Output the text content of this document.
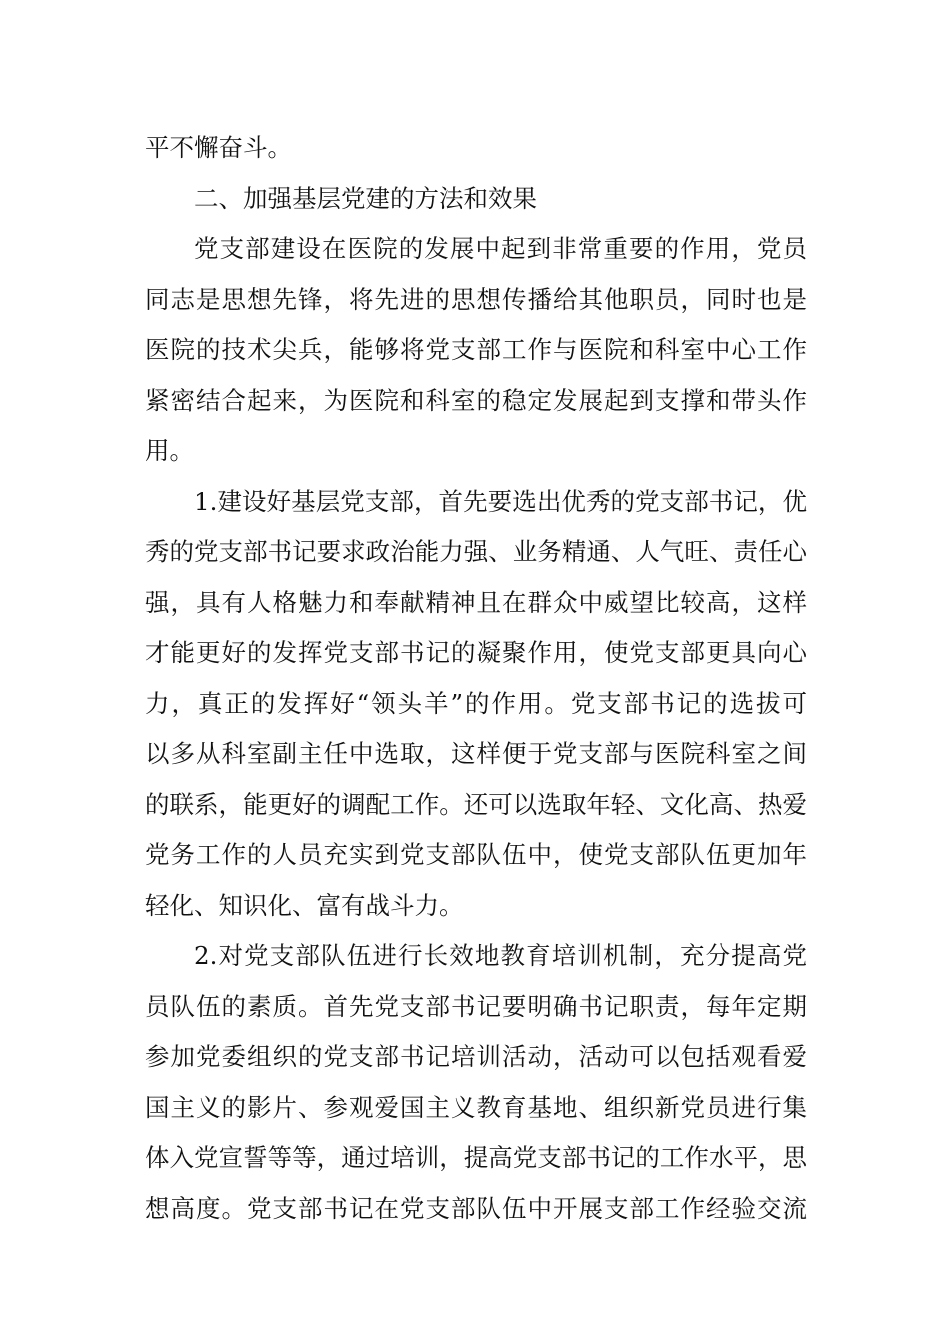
平不懈奋斗。
二、加强基层党建的方法和效果
党支部建设在医院的发展中起到非常重要的作用，党员
同志是思想先锋，将先进的思想传播给其他职员，同时也是
医院的技术尖兵，能够将党支部工作与医院和科室中心工作
紧密结合起来，为医院和科室的稳定发展起到支撑和带头作
用。
1.建设好基层党支部，首先要选出优秀的党支部书记，优
秀的党支部书记要求政治能力强、业务精通、人气旺、责任心
强，具有人格魅力和奉献精神且在群众中威望比较高，这样
才能更好的发挥党支部书记的凝聚作用，使党支部更具向心
力，真正的发挥好“领头羊”的作用。党支部书记的选拔可
以多从科室副主任中选取，这样便于党支部与医院科室之间
的联系，能更好的调配工作。还可以选取年轻、文化高、热爱
党务工作的人员充实到党支部队伍中，使党支部队伍更加年
轻化、知识化、富有战斗力。
2.对党支部队伍进行长效地教育培训机制，充分提高党
员队伍的素质。首先党支部书记要明确书记职责，每年定期
参加党委组织的党支部书记培训活动，活动可以包括观看爱
国主义的影片、参观爱国主义教育基地、组织新党员进行集
体入党宣誓等等，通过培训，提高党支部书记的工作水平，思
想高度。党支部书记在党支部队伍中开展支部工作经验交流
